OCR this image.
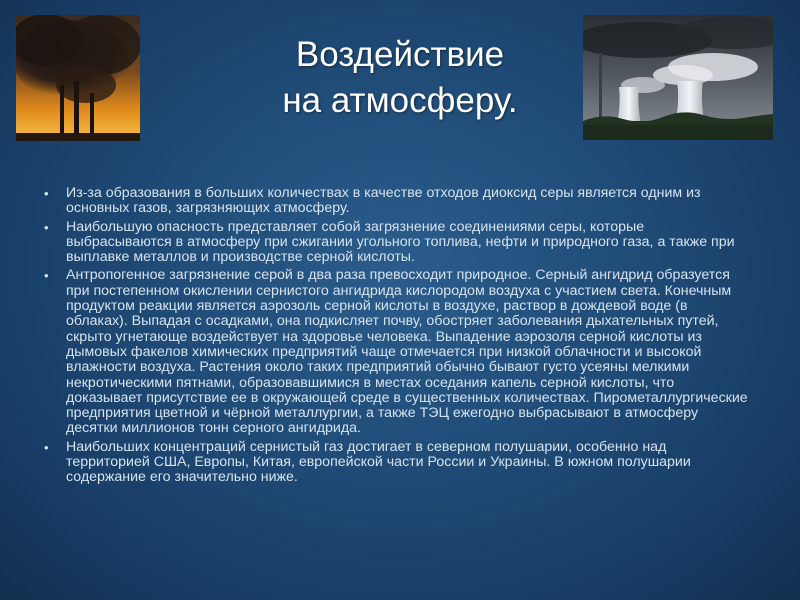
Воздействие
на атмосферу.
• Из-за образования в больших количествах в качестве отходов диоксид серы является одним из основных газов, загрязняющих атмосферу.
• Наибольшую опасность представляет собой загрязнение соединениями серы, которые выбрасываются в атмосферу при сжигании угольного топлива, нефти и природного газа, а также при выплавке металлов и производстве серной кислоты.
• Антропогенное загрязнение серой в два раза превосходит природное. Серный ангидрид образуется при постепенном окислении сернистого ангидрида кислородом воздуха с участием света. Конечным продуктом реакции является аэрозоль серной кислоты в воздухе, раствор в дождевой воде (в облаках). Выпадая с осадками, она подкисляет почву, обостряет заболевания дыхательных путей, скрыто угнетающе воздействует на здоровье человека. Выпадение аэрозоля серной кислоты из дымовых факелов химических предприятий чаще отмечается при низкой облачности и высокой влажности воздуха. Растения около таких предприятий обычно бывают густо усеяны мелкими некротическими пятнами, образовавшимися в местах оседания капель серной кислоты, что доказывает присутствие ее в окружающей среде в существенных количествах. Пирометаллургические предприятия цветной и чёрной металлургии, а также ТЭЦ ежегодно выбрасывают в атмосферу десятки миллионов тонн серного ангидрида.
• Наибольших концентраций сернистый газ достигает в северном полушарии, особенно над территорией США, Европы, Китая, европейской части России и Украины. В южном полушарии содержание его значительно ниже.
